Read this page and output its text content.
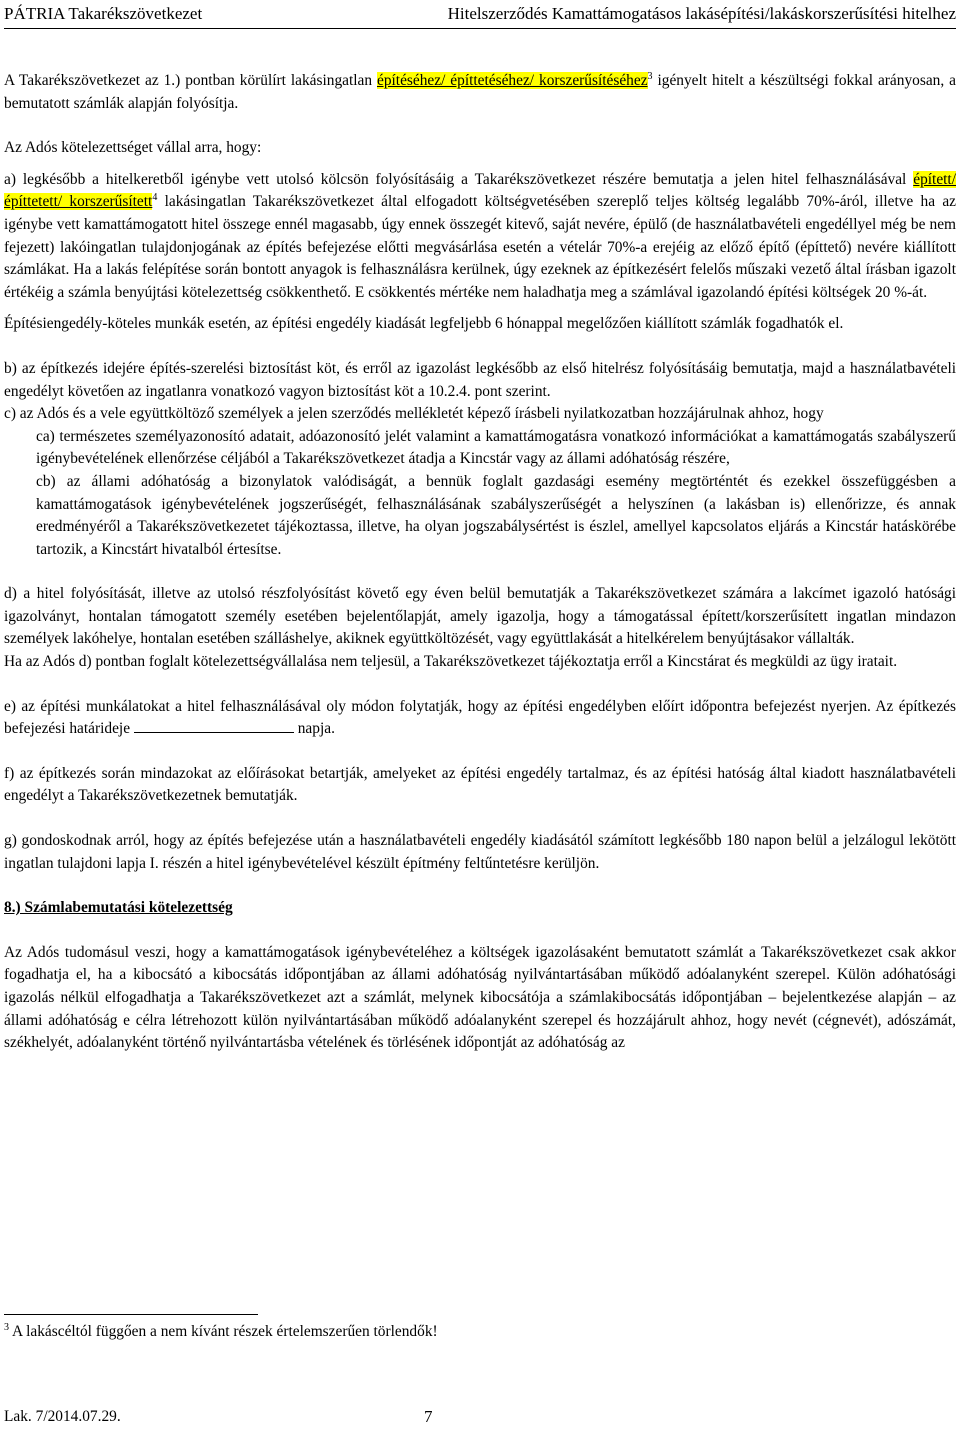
PÁTRIA Takarékszövetkezet	Hitelszerződés Kamattámogatásos lakásépítési/lakáskorszerűsítési hitelhez

A Takarékszövetkezet az 1.) pontban körülírt lakásingatlan építéséhez/ építtetéséhez/ korszerűsítéséhez$^3$ igényelt hitelt a készültségi fokkal arányosan, a bemutatott számlák alapján folyósítja.

Az Adós kötelezettséget vállal arra, hogy:

a) legkésőbb a hitelkeretből igénybe vett utolsó kölcsön folyósításáig a Takarékszövetkezet részére bemutatja a jelen hitel felhasználásával épített/ építtetett/ korszerűsített$^4$ lakásingatlan Takarékszövetkezet által elfogadott költségvetésében szereplő teljes költség legalább 70%-áról, illetve ha az igénybe vett kamattámogatott hitel összege ennél magasabb, úgy ennek összegét kitevő, saját nevére, épülő (de használatbavételi engedéllyel még be nem fejezett) lakóingatlan tulajdonjogának az építés befejezése előtti megvásárlása esetén a vételár 70%-a erejéig az előző építő (építtető) nevére kiállított számlákat. Ha a lakás felépítése során bontott anyagok is felhasználásra kerülnek, úgy ezeknek az építkezésért felelős műszaki vezető által írásban igazolt értékéig a számla benyújtási kötelezettség csökkenthető. E csökkentés mértéke nem haladhatja meg a számlával igazolandó építési költségek 20 %-át.

Építésiengedély-köteles munkák esetén, az építési engedély kiadását legfeljebb 6 hónappal megelőzően kiállított számlák fogadhatók el.

b) az építkezés idejére építés-szerelési biztosítást köt, és erről az igazolást legkésőbb az első hitelrész folyósításáig bemutatja, majd a használatbavételi engedélyt követően az ingatlanra vonatkozó vagyon biztosítást köt a 10.2.4. pont szerint.

c) az Adós és a vele együttköltöző személyek a jelen szerződés mellékletét képező írásbeli nyilatkozatban hozzájárulnak ahhoz, hogy

ca) természetes személyazonosító adatait, adóazonosító jelét valamint a kamattámogatásra vonatkozó információkat a kamattámogatás szabályszerű igénybevételének ellenőrzése céljából a Takarékszövetkezet átadja a Kincstár vagy az állami adóhatóság részére,

cb) az állami adóhatóság a bizonylatok valódiságát, a bennük foglalt gazdasági esemény megtörténtét és ezekkel összefüggésben a kamattámogatások igénybevételének jogszerűségét, felhasználásának szabályszerűségét a helyszínen (a lakásban is) ellenőrizze, és annak eredményéről a Takarékszövetkezetet tájékoztassa, illetve, ha olyan jogszabálysértést is észlel, amellyel kapcsolatos eljárás a Kincstár hatáskörébe tartozik, a Kincstárt hivatalból értesítse.

d) a hitel folyósítását, illetve az utolsó részfolyósítást követő egy éven belül bemutatják a Takarékszövetkezet számára a lakcímet igazoló hatósági igazolványt, hontalan támogatott személy esetében bejelentőlapját, amely igazolja, hogy a támogatással épített/korszerűsített ingatlan mindazon személyek lakóhelye, hontalan esetében szálláshelye, akiknek együttköltözését, vagy együttlakását a hitelkérelem benyújtásakor vállalták.

Ha az Adós d) pontban foglalt kötelezettségvállalása nem teljesül, a Takarékszövetkezet tájékoztatja erről a Kincstárat és megküldi az ügy iratait.

e) az építési munkálatokat a hitel felhasználásával oly módon folytatják, hogy az építési engedélyben előírt időpontra befejezést nyerjen. Az építkezés befejezési határideje	napja.

f) az építkezés során mindazokat az előírásokat betartják, amelyeket az építési engedély tartalmaz, és az építési hatóság által kiadott használatbavételi engedélyt a Takarékszövetkezetnek bemutatják.

g) gondoskodnak arról, hogy az építés befejezése után a használatbavételi engedély kiadásától számított legkésőbb 180 napon belül a jelzálogul lekötött ingatlan tulajdoni lapja I. részén a hitel igénybevételével készült építmény feltűntetésre kerüljön.

8.) Számlabemutatási kötelezettség

Az Adós tudomásul veszi, hogy a kamattámogatások igénybevételéhez a költségek igazolásaként bemutatott számlát a Takarékszövetkezet csak akkor fogadhatja el, ha a kibocsátó a kibocsátás időpontjában az állami adóhatóság nyilvántartásában működő adóalanyként szerepel. Külön adóhatósági igazolás nélkül elfogadhatja a Takarékszövetkezet azt a számlát, melynek kibocsátója a számlakibocsátás időpontjában – bejelentkezése alapján – az állami adóhatóság e célra létrehozott külön nyilvántartásában működő adóalanyként szerepel és hozzájárult ahhoz, hogy nevét (cégnevét), adószámát, székhelyét, adóalanyként történő nyilvántartásba vételének és törlésének időpontját az adóhatóság az

$^3$ A lakáscéltól függően a nem kívánt részek értelemszerűen törlendők!
Lak. 7/2014.07.29.	7
